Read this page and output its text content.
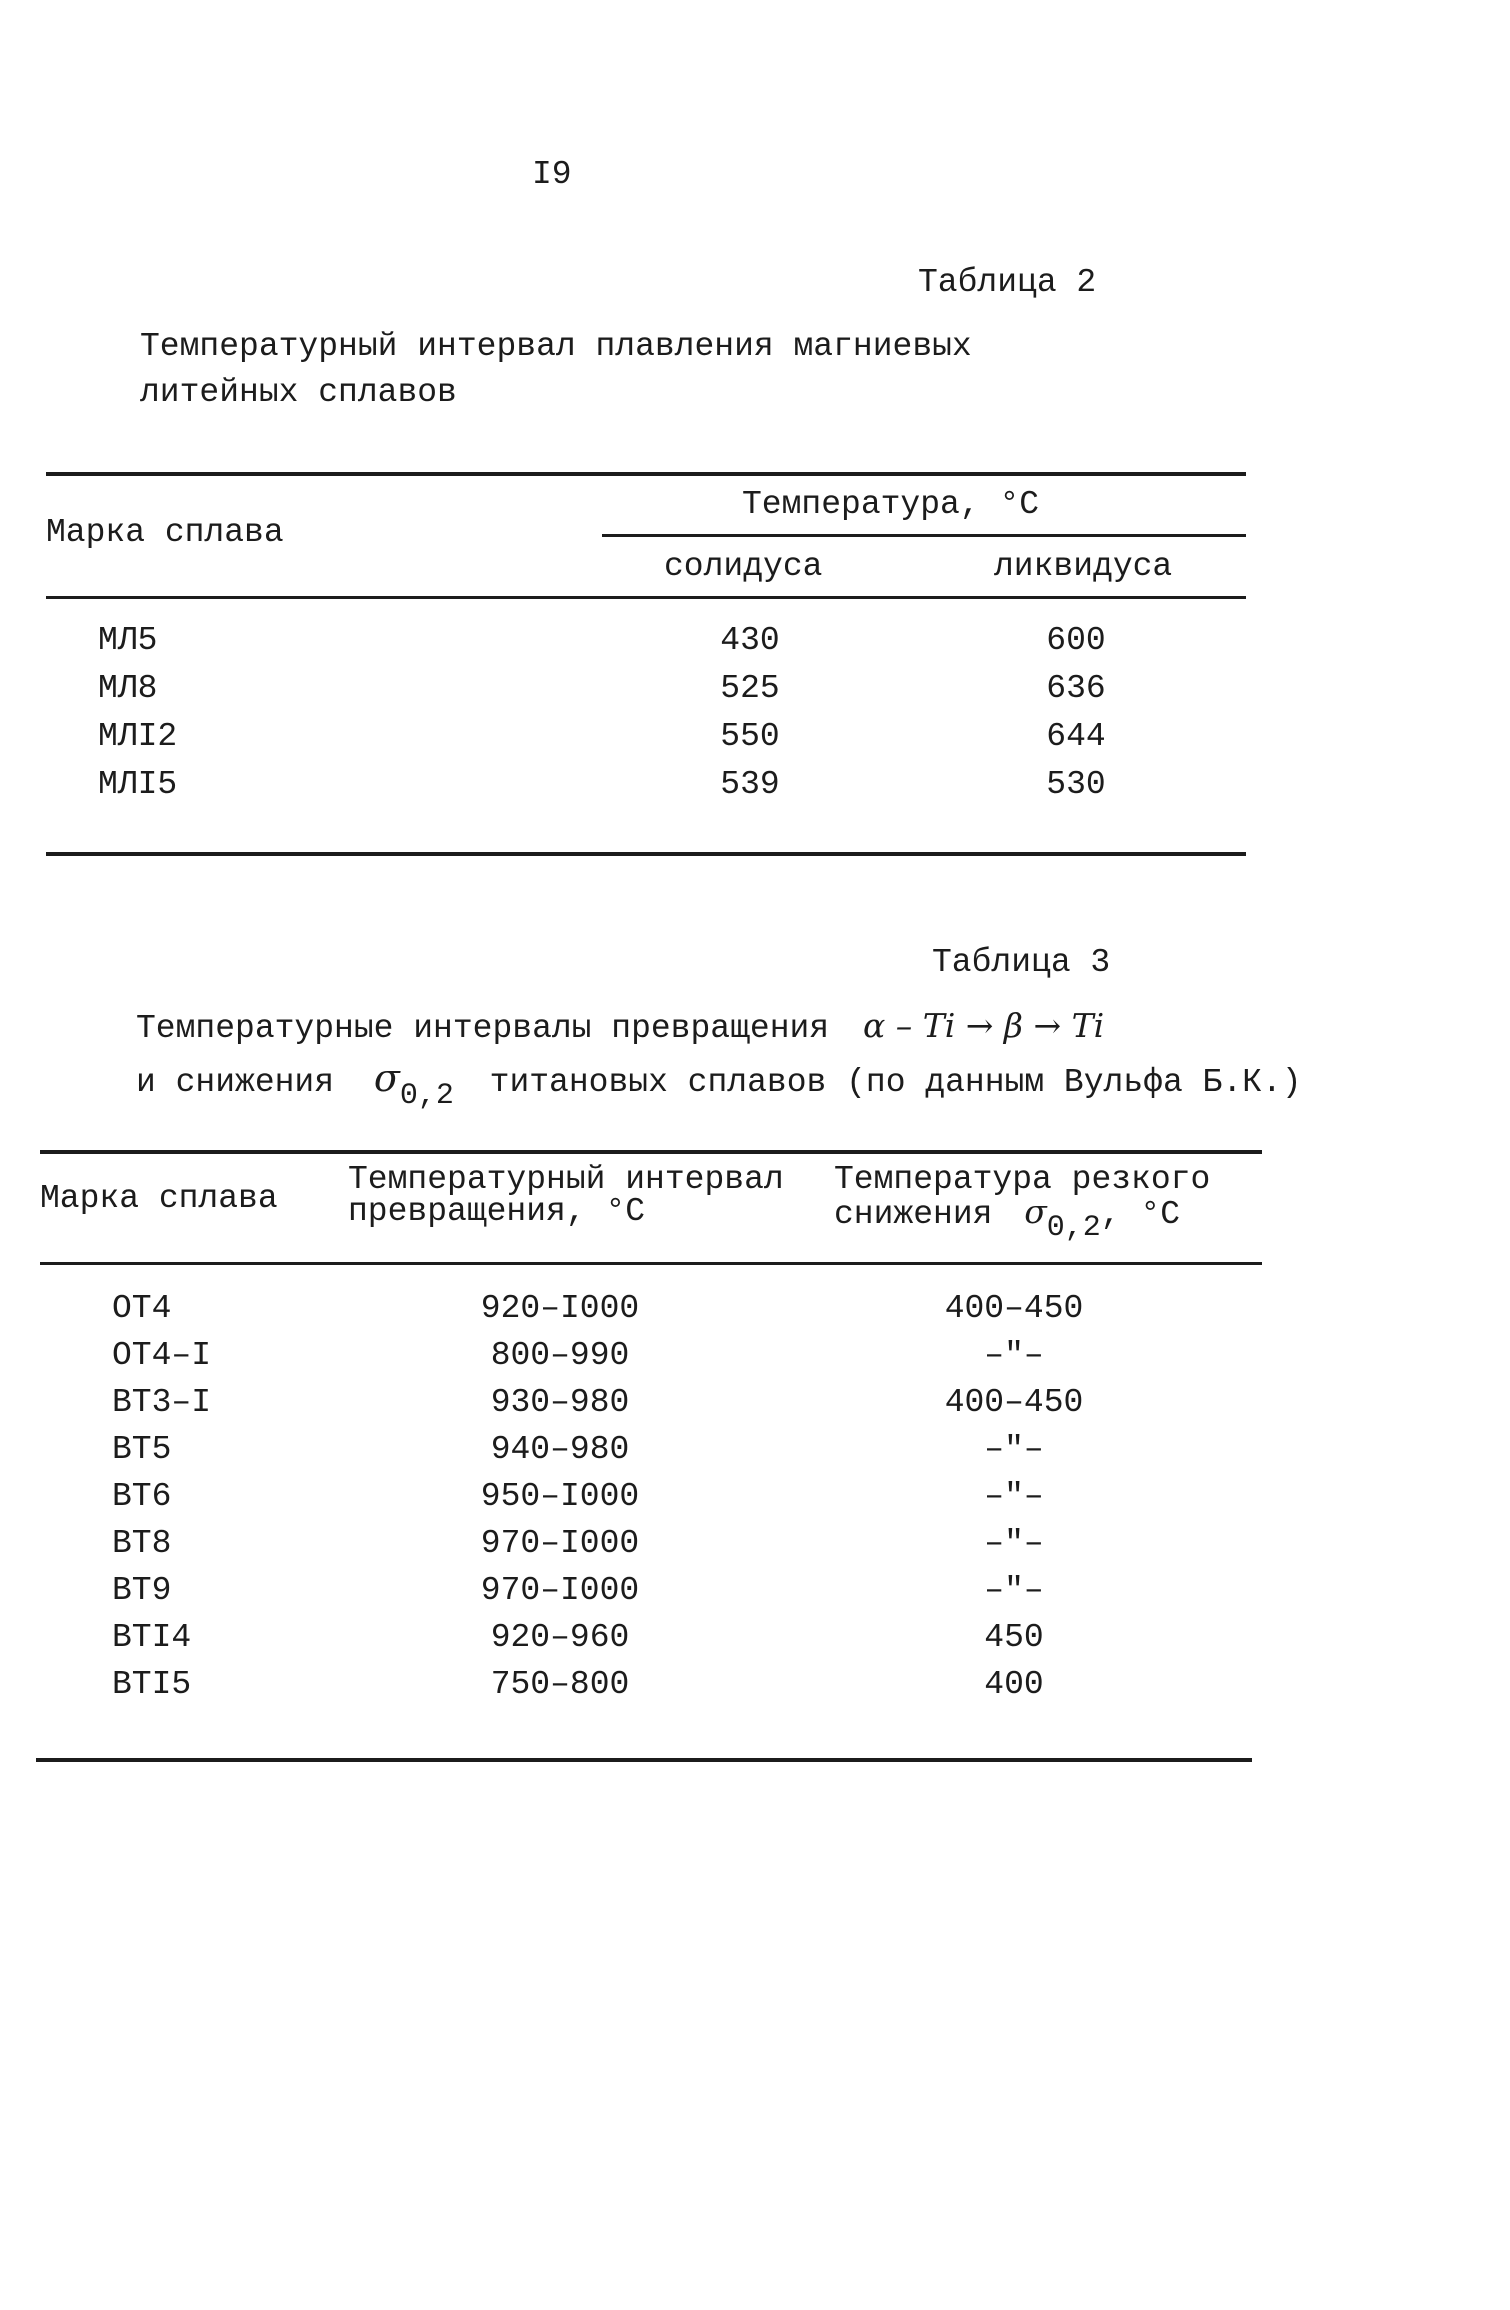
I9
Таблица 2
Температурный интервал плавления магниевых
литейных сплавов
Марка сплава
Температура, °C
солидуса	ликвидуса
МЛ5	430	600
МЛ8	525	636
МЛI2	550	644
МЛI5	539	530
Таблица 3
Температурные интервалы превращения α – Ti → β → Ti
и снижения $\sigma_{0,2}$ титановых сплавов (по данным Вульфа Б.К.)
Марка сплава
Температурный интервал
превращения, °C
Температура резкого
снижения $\sigma_{0,2}$, °C
ОТ4	920–I000	400–450
ОТ4–I	800–990	–"–
ВТ3–I	930–980	400–450
ВТ5	940–980	–"–
ВТ6	950–I000	–"–
ВТ8	970–I000	–"–
ВТ9	970–I000	–"–
ВТI4	920–960	450
ВТI5	750–800	400
